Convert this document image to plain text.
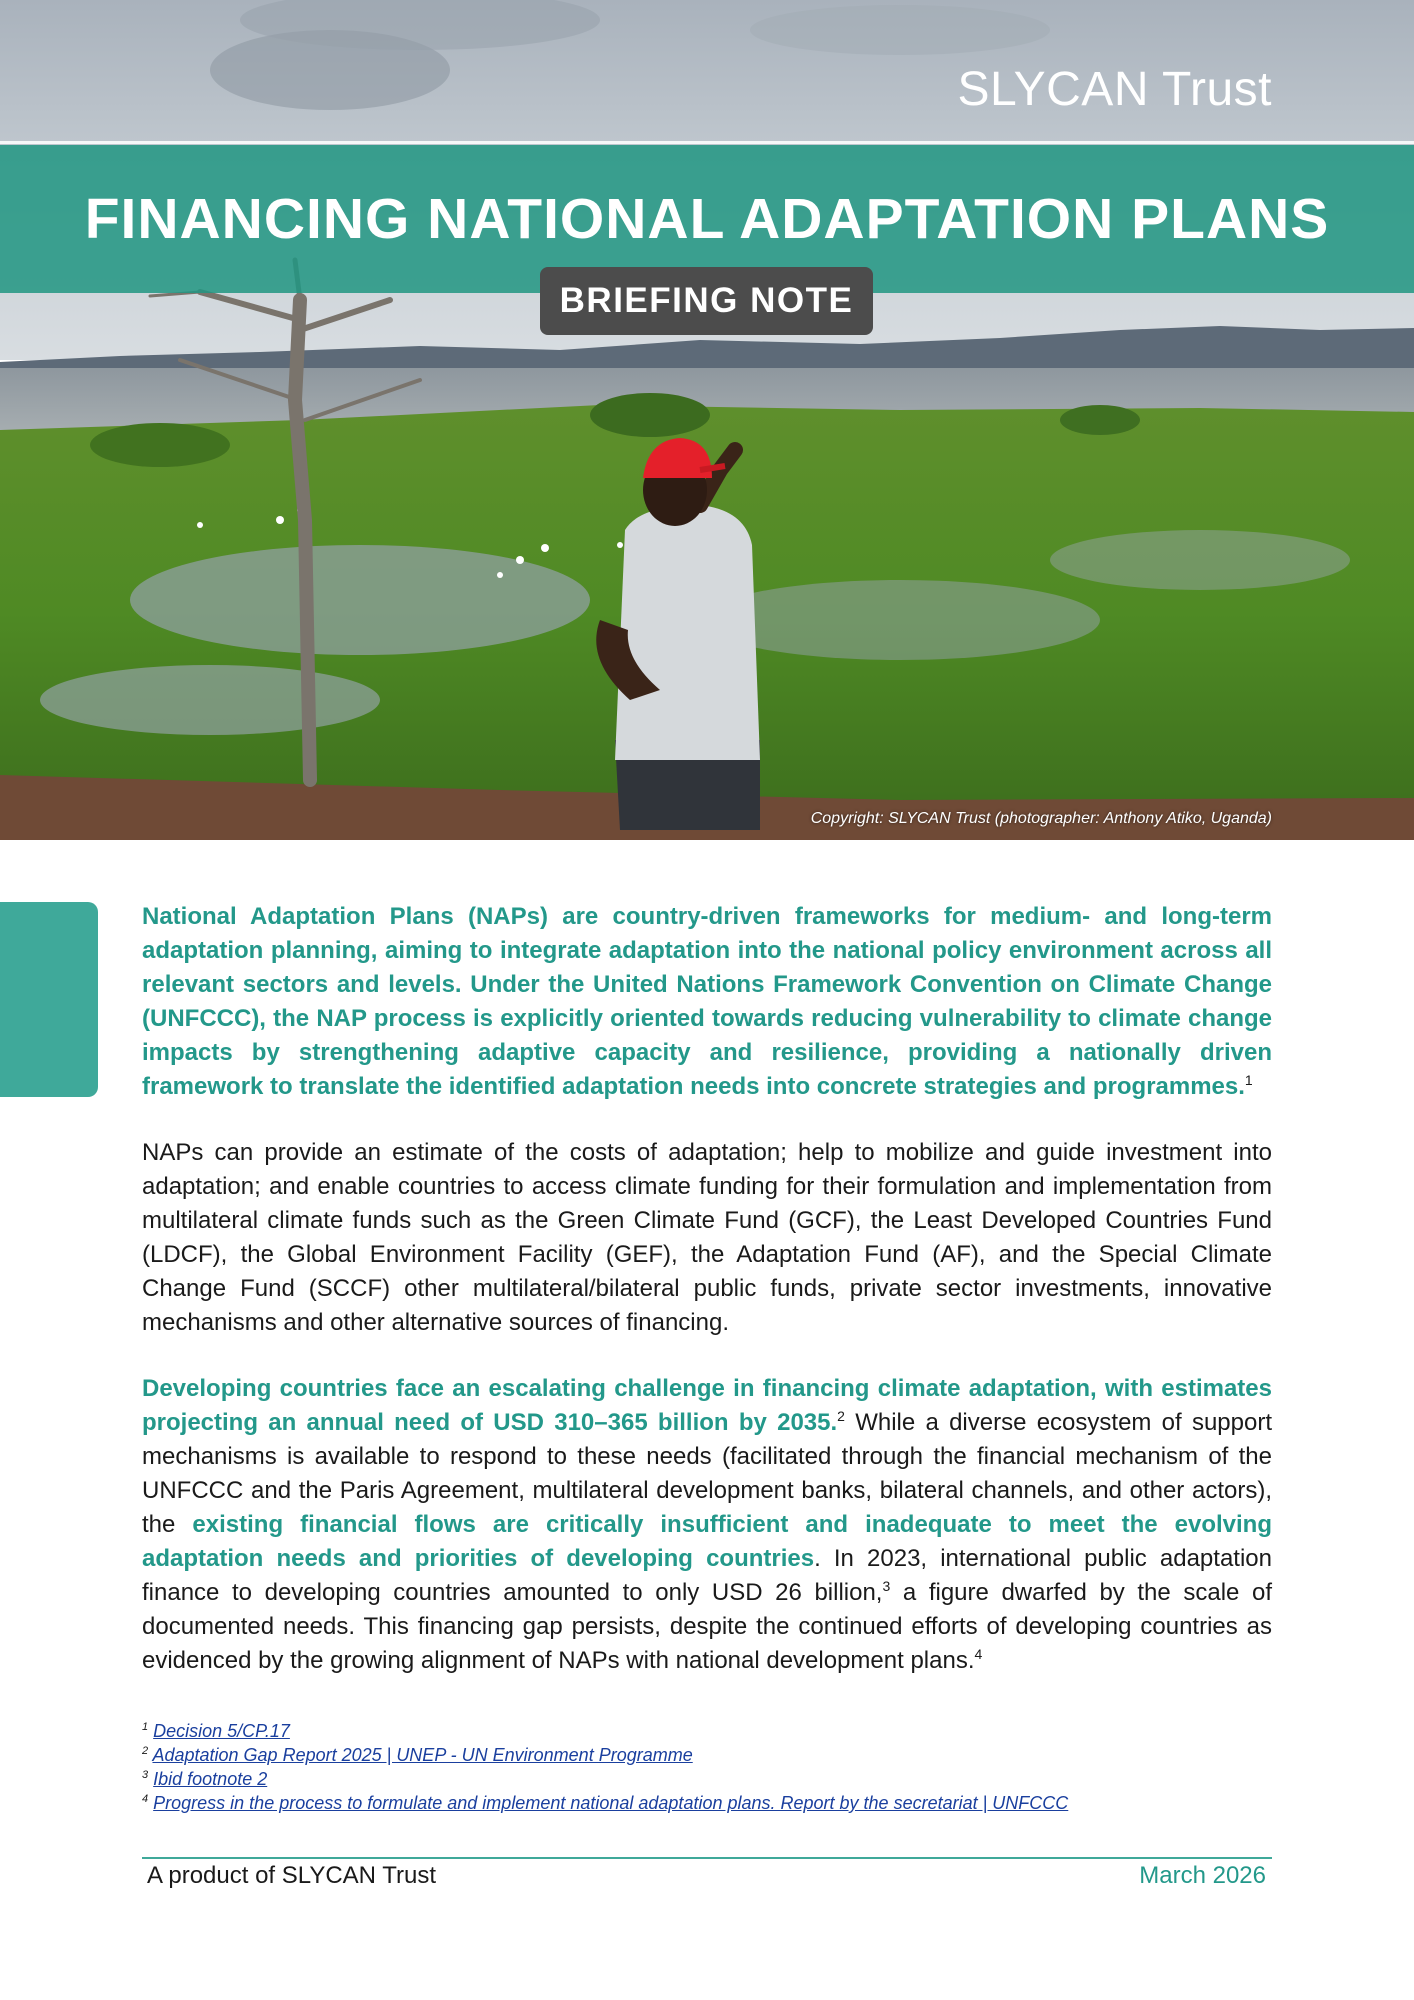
SLYCAN Trust
FINANCING NATIONAL ADAPTATION PLANS
BRIEFING NOTE
Copyright: SLYCAN Trust (photographer: Anthony Atiko, Uganda)

National Adaptation Plans (NAPs) are country-driven frameworks for medium- and long-term adaptation planning, aiming to integrate adaptation into the national policy environment across all relevant sectors and levels. Under the United Nations Framework Convention on Climate Change (UNFCCC), the NAP process is explicitly oriented towards reducing vulnerability to climate change impacts by strengthening adaptive capacity and resilience, providing a nationally driven framework to translate the identified adaptation needs into concrete strategies and programmes.$^1$

NAPs can provide an estimate of the costs of adaptation; help to mobilize and guide investment into adaptation; and enable countries to access climate funding for their formulation and implementation from multilateral climate funds such as the Green Climate Fund (GCF), the Least Developed Countries Fund (LDCF), the Global Environment Facility (GEF), the Adaptation Fund (AF), and the Special Climate Change Fund (SCCF) other multilateral/bilateral public funds, private sector investments, innovative mechanisms and other alternative sources of financing.

Developing countries face an escalating challenge in financing climate adaptation, with estimates projecting an annual need of USD 310–365 billion by 2035.$^2$ While a diverse ecosystem of support mechanisms is available to respond to these needs (facilitated through the financial mechanism of the UNFCCC and the Paris Agreement, multilateral development banks, bilateral channels, and other actors), the existing financial flows are critically insufficient and inadequate to meet the evolving adaptation needs and priorities of developing countries. In 2023, international public adaptation finance to developing countries amounted to only USD 26 billion,$^3$ a figure dwarfed by the scale of documented needs. This financing gap persists, despite the continued efforts of developing countries as evidenced by the growing alignment of NAPs with national development plans.$^4$

$^1$ Decision 5/CP.17
$^2$ Adaptation Gap Report 2025 | UNEP - UN Environment Programme
$^3$ Ibid footnote 2
$^4$ Progress in the process to formulate and implement national adaptation plans. Report by the secretariat | UNFCCC
A product of SLYCAN Trust	March 2026
